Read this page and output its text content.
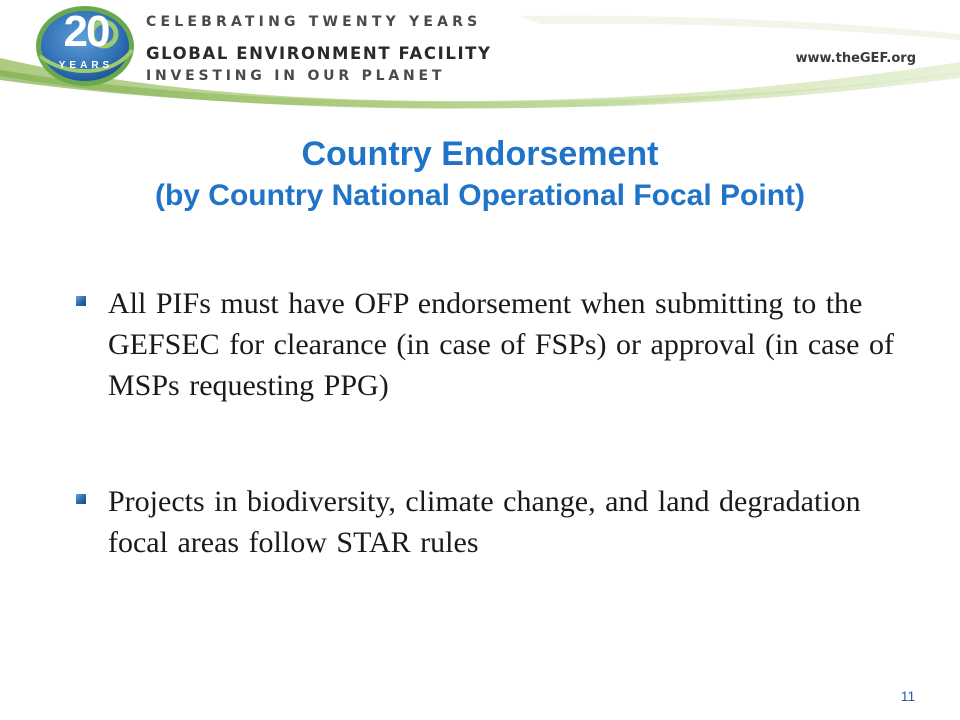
20
YEARS
CELEBRATING TWENTY YEARS
GLOBAL ENVIRONMENT FACILITY
INVESTING IN OUR PLANET
www.theGEF.org
Country Endorsement
(by Country National Operational Focal Point)
All PIFs must have OFP endorsement when submitting to the GEFSEC for clearance (in case of FSPs) or approval (in case of MSPs requesting PPG)
Projects in biodiversity, climate change, and land degradation focal areas follow STAR rules
11
